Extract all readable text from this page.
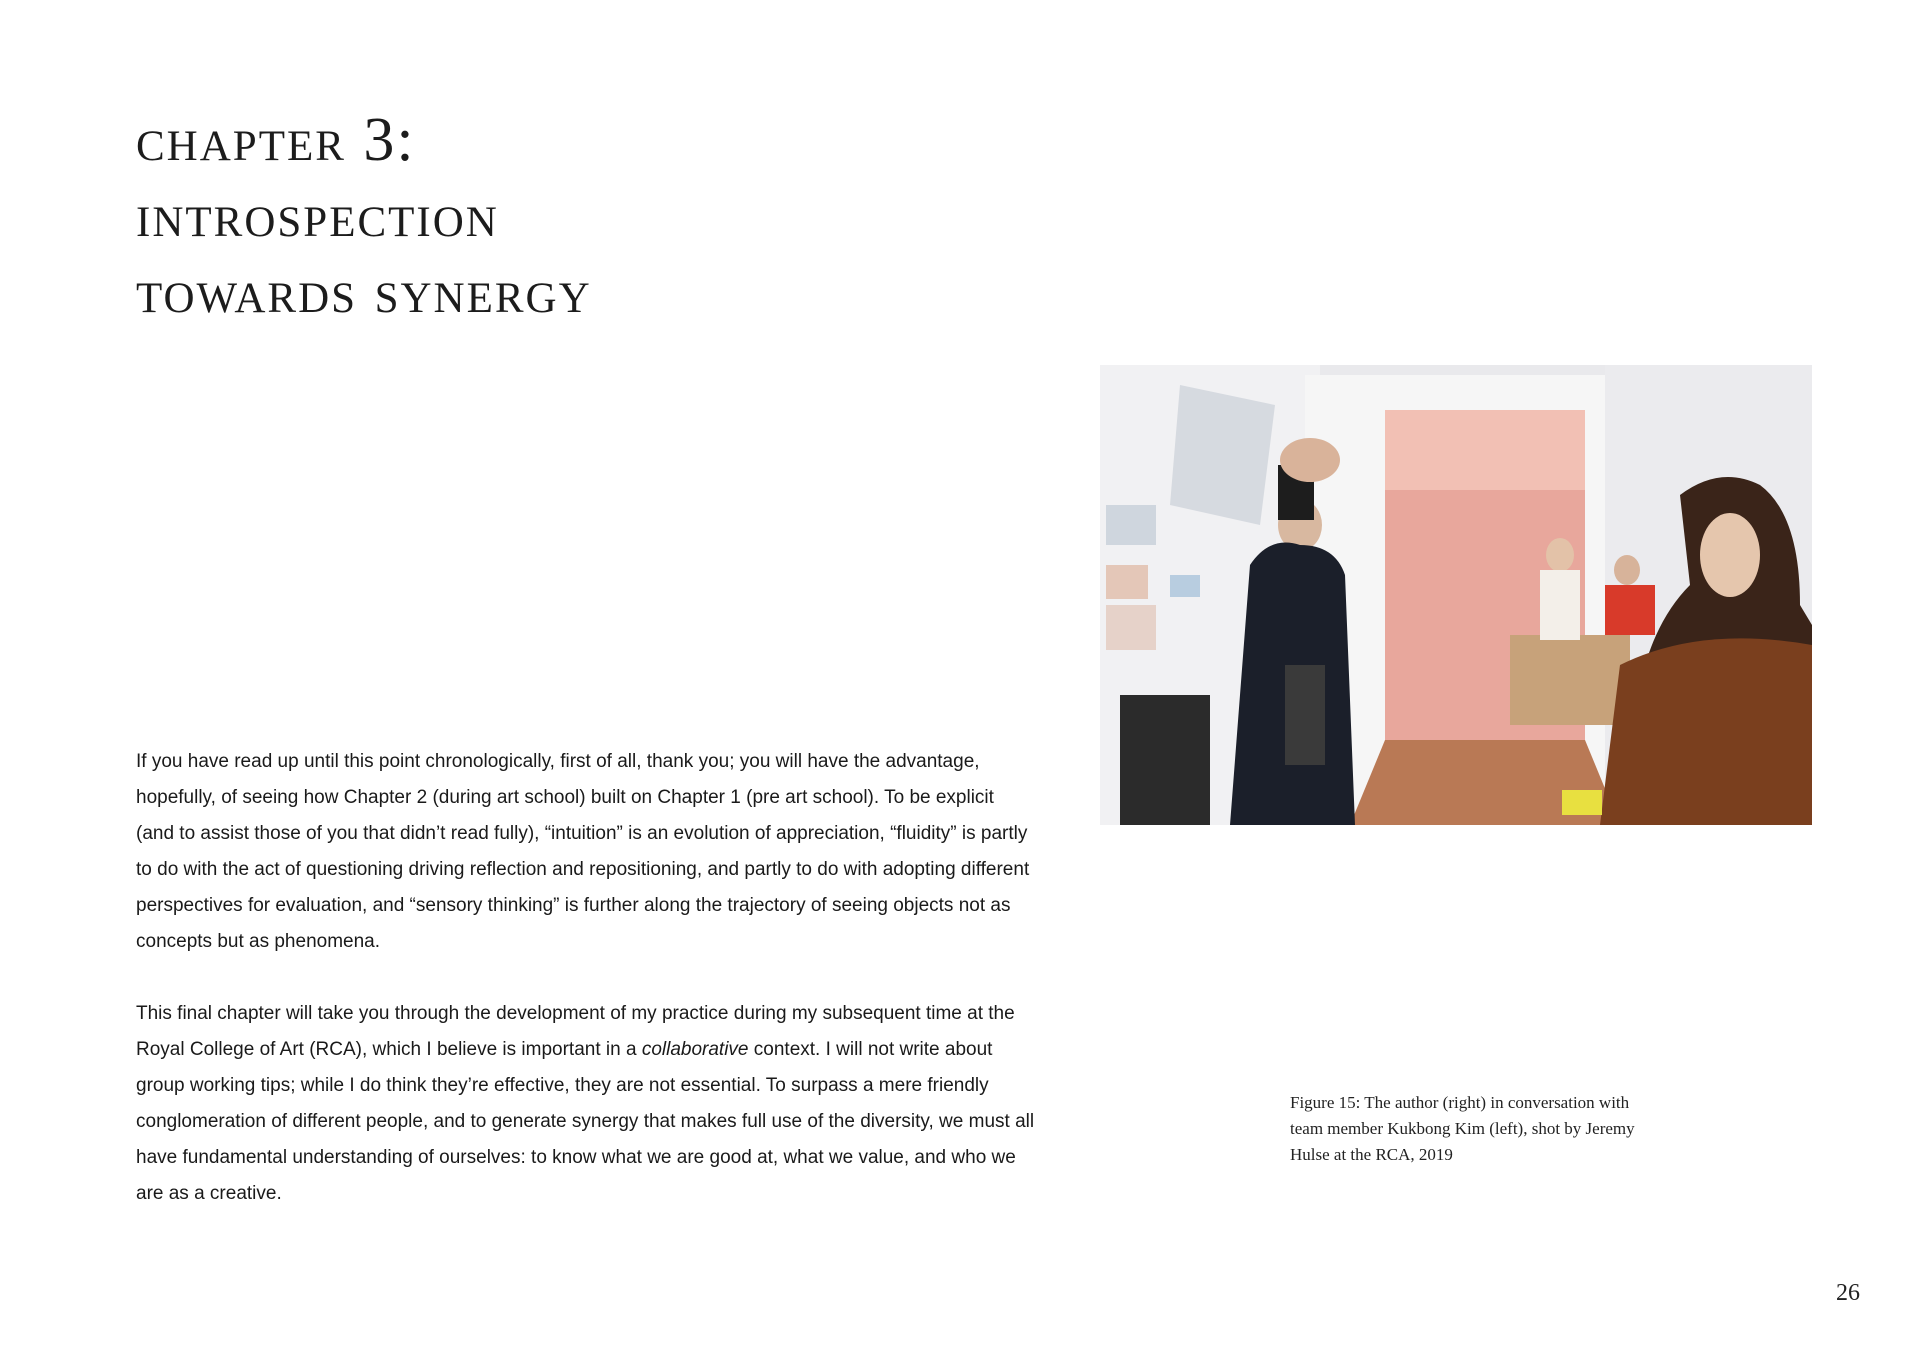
chapter 3:
introspection
towards synergy

If you have read up until this point chronologically, first of all, thank you; you will have the advantage, hopefully, of seeing how Chapter 2 (during art school) built on Chapter 1 (pre art school). To be explicit (and to assist those of you that didn’t read fully), “intuition” is an evolution of appreciation, “fluidity” is partly to do with the act of questioning driving reflection and repositioning, and partly to do with adopting different perspectives for evaluation, and “sensory thinking” is further along the trajectory of seeing objects not as concepts but as phenomena.

This final chapter will take you through the development of my practice during my subsequent time at the Royal College of Art (RCA), which I believe is important in a collaborative context. I will not write about group working tips; while I do think they’re effective, they are not essential. To surpass a mere friendly conglomeration of different people, and to generate synergy that makes full use of the diversity, we must all have fundamental understanding of ourselves: to know what we are good at, what we value, and who we are as a creative.

Figure 15: The author (right) in conversation with team member Kukbong Kim (left), shot by Jeremy Hulse at the RCA, 2019
26
